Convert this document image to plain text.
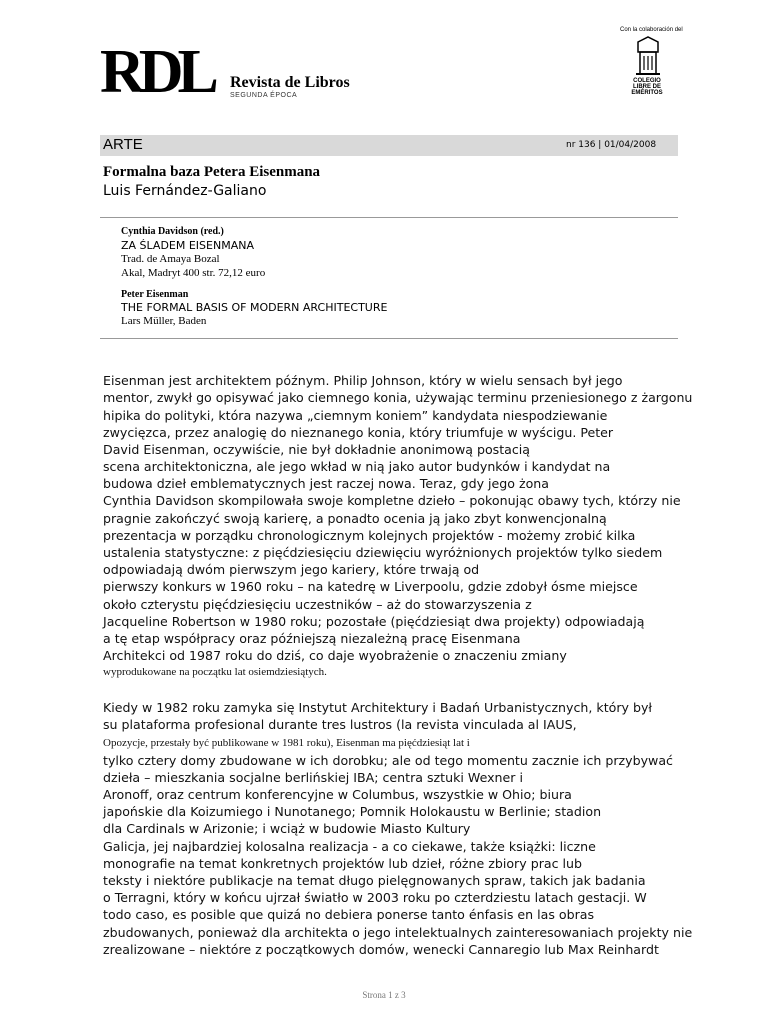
RDL Revista de Libros
SEGUNDA ÉPOCA
Con la colaboración del
COLEGIO LIBRE DE EMÉRITOS
ARTE	nr 136 | 01/04/2008
Formalna baza Petera Eisenmana
Luis Fernández-Galiano
Cynthia Davidson (red.)
ZA ŚLADEM EISENMANA
Trad. de Amaya Bozal
Akal, Madryt 400 str. 72,12 euro
Peter Eisenman
THE FORMAL BASIS OF MODERN ARCHITECTURE
Lars Müller, Baden
Eisenman jest architektem późnym. Philip Johnson, który w wielu sensach był jego
mentor, zwykł go opisywać jako ciemnego konia, używając terminu przeniesionego z żargonu
hipika do polityki, która nazywa „ciemnym koniem” kandydata niespodziewanie
zwycięzca, przez analogię do nieznanego konia, który triumfuje w wyścigu. Peter
David Eisenman, oczywiście, nie był dokładnie anonimową postacią
scena architektoniczna, ale jego wkład w nią jako autor budynków i kandydat na
budowa dzieł emblematycznych jest raczej nowa. Teraz, gdy jego żona
Cynthia Davidson skompilowała swoje kompletne dzieło – pokonując obawy tych, którzy nie
pragnie zakończyć swoją karierę, a ponadto ocenia ją jako zbyt konwencjonalną
prezentacja w porządku chronologicznym kolejnych projektów - możemy zrobić kilka
ustalenia statystyczne: z pięćdziesięciu dziewięciu wyróżnionych projektów tylko siedem
odpowiadają dwóm pierwszym jego kariery, które trwają od
pierwszy konkurs w 1960 roku – na katedrę w Liverpoolu, gdzie zdobył ósme miejsce
około czterystu pięćdziesięciu uczestników – aż do stowarzyszenia z
Jacqueline Robertson w 1980 roku; pozostałe (pięćdziesiąt dwa projekty) odpowiadają
a tę etap współpracy oraz późniejszą niezależną pracę Eisenmana
Architekci od 1987 roku do dziś, co daje wyobrażenie o znaczeniu zmiany
wyprodukowane na początku lat osiemdziesiątych.
Kiedy w 1982 roku zamyka się Instytut Architektury i Badań Urbanistycznych, który był
su plataforma profesional durante tres lustros (la revista vinculada al IAUS,
Opozycje, przestały być publikowane w 1981 roku), Eisenman ma pięćdziesiąt lat i
tylko cztery domy zbudowane w ich dorobku; ale od tego momentu zacznie ich przybywać
dzieła – mieszkania socjalne berlińskiej IBA; centra sztuki Wexner i
Aronoff, oraz centrum konferencyjne w Columbus, wszystkie w Ohio; biura
japońskie dla Koizumiego i Nunotanego; Pomnik Holokaustu w Berlinie; stadion
dla Cardinals w Arizonie; i wciąż w budowie Miasto Kultury
Galicja, jej najbardziej kolosalna realizacja - a co ciekawe, także książki: liczne
monografie na temat konkretnych projektów lub dzieł, różne zbiory prac lub
teksty i niektóre publikacje na temat długo pielęgnowanych spraw, takich jak badania
o Terragni, który w końcu ujrzał światło w 2003 roku po czterdziestu latach gestacji. W
todo caso, es posible que quizá no debiera ponerse tanto énfasis en las obras
zbudowanych, ponieważ dla architekta o jego intelektualnych zainteresowaniach projekty nie
zrealizowane – niektóre z początkowych domów, wenecki Cannaregio lub Max Reinhardt
Strona 1 z 3
